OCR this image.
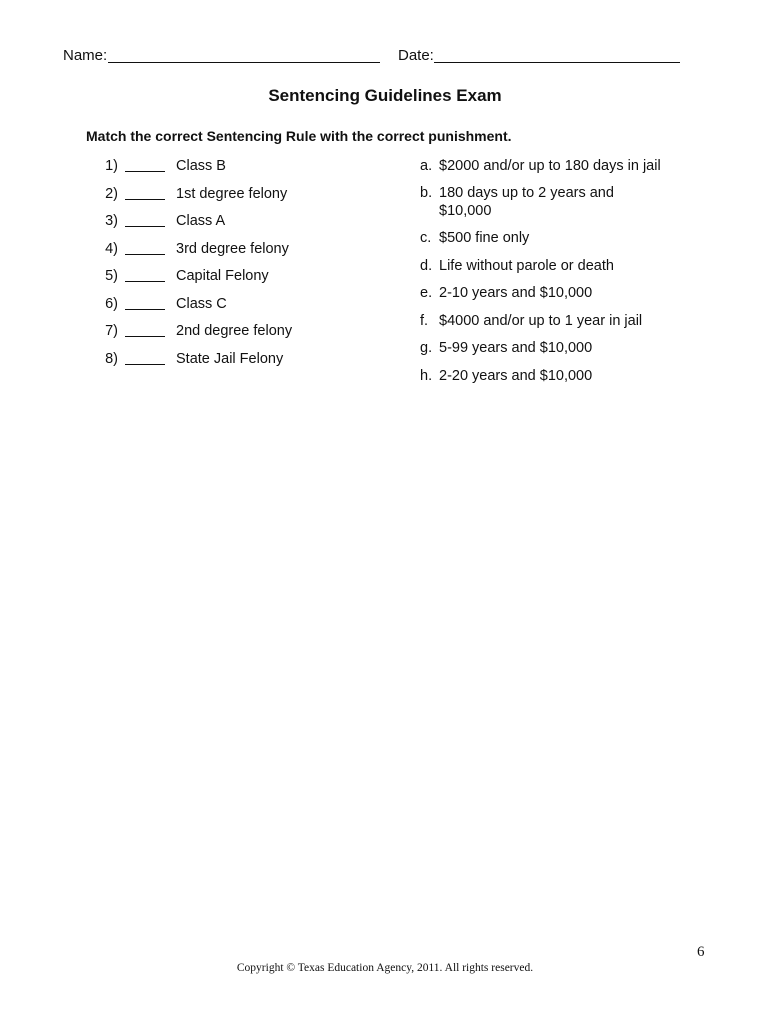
Name:	Date:
Sentencing Guidelines Exam
Match the correct Sentencing Rule with the correct punishment.
1)	Class B
2)	1st degree felony
3)	Class A
4)	3rd degree felony
5)	Capital Felony
6)	Class C
7)	2nd degree felony
8)	State Jail Felony
a. $2000 and/or up to 180 days in jail
b. 180 days up to 2 years and $10,000
c. $500 fine only
d. Life without parole or death
e. 2-10 years and $10,000
f. $4000 and/or up to 1 year in jail
g. 5-99 years and $10,000
h. 2-20 years and $10,000
6
Copyright © Texas Education Agency, 2011. All rights reserved.
